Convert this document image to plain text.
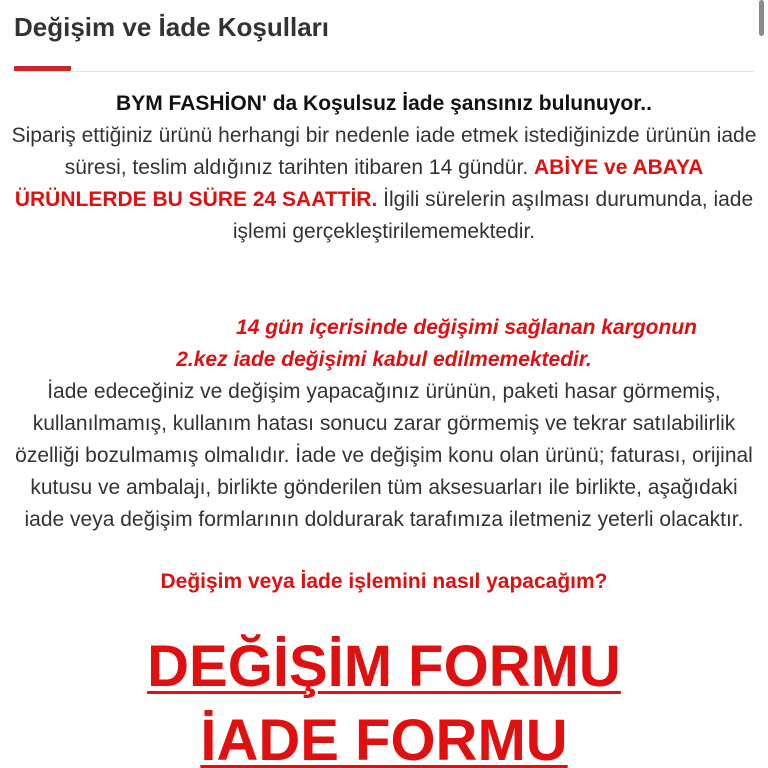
Değişim ve İade Koşulları
BYM FASHİON' da Koşulsuz İade şansınız bulunuyor..
Sipariş ettiğiniz ürünü herhangi bir nedenle iade etmek istediğinizde ürünün iade süresi, teslim aldığınız tarihten itibaren 14 gündür. ABİYE ve ABAYA ÜRÜNLERDE BU SÜRE 24 SAATTİR. İlgili sürelerin aşılması durumunda, iade işlemi gerçekleştirilememektedir.
14 gün içerisinde değişimi sağlanan kargonun
2.kez iade değişimi kabul edilmemektedir.
İade edeceğiniz ve değişim yapacağınız ürünün, paketi hasar görmemiş, kullanılmamış, kullanım hatası sonucu zarar görmemiş ve tekrar satılabilirlik özelliği bozulmamış olmalıdır. İade ve değişim konu olan ürünü; faturası, orijinal kutusu ve ambalajı, birlikte gönderilen tüm aksesuarları ile birlikte, aşağıdaki iade veya değişim formlarının doldurarak tarafımıza iletmeniz yeterli olacaktır.
Değişim veya İade işlemini nasıl yapacağım?
DEĞİŞİM FORMU
İADE FORMU
